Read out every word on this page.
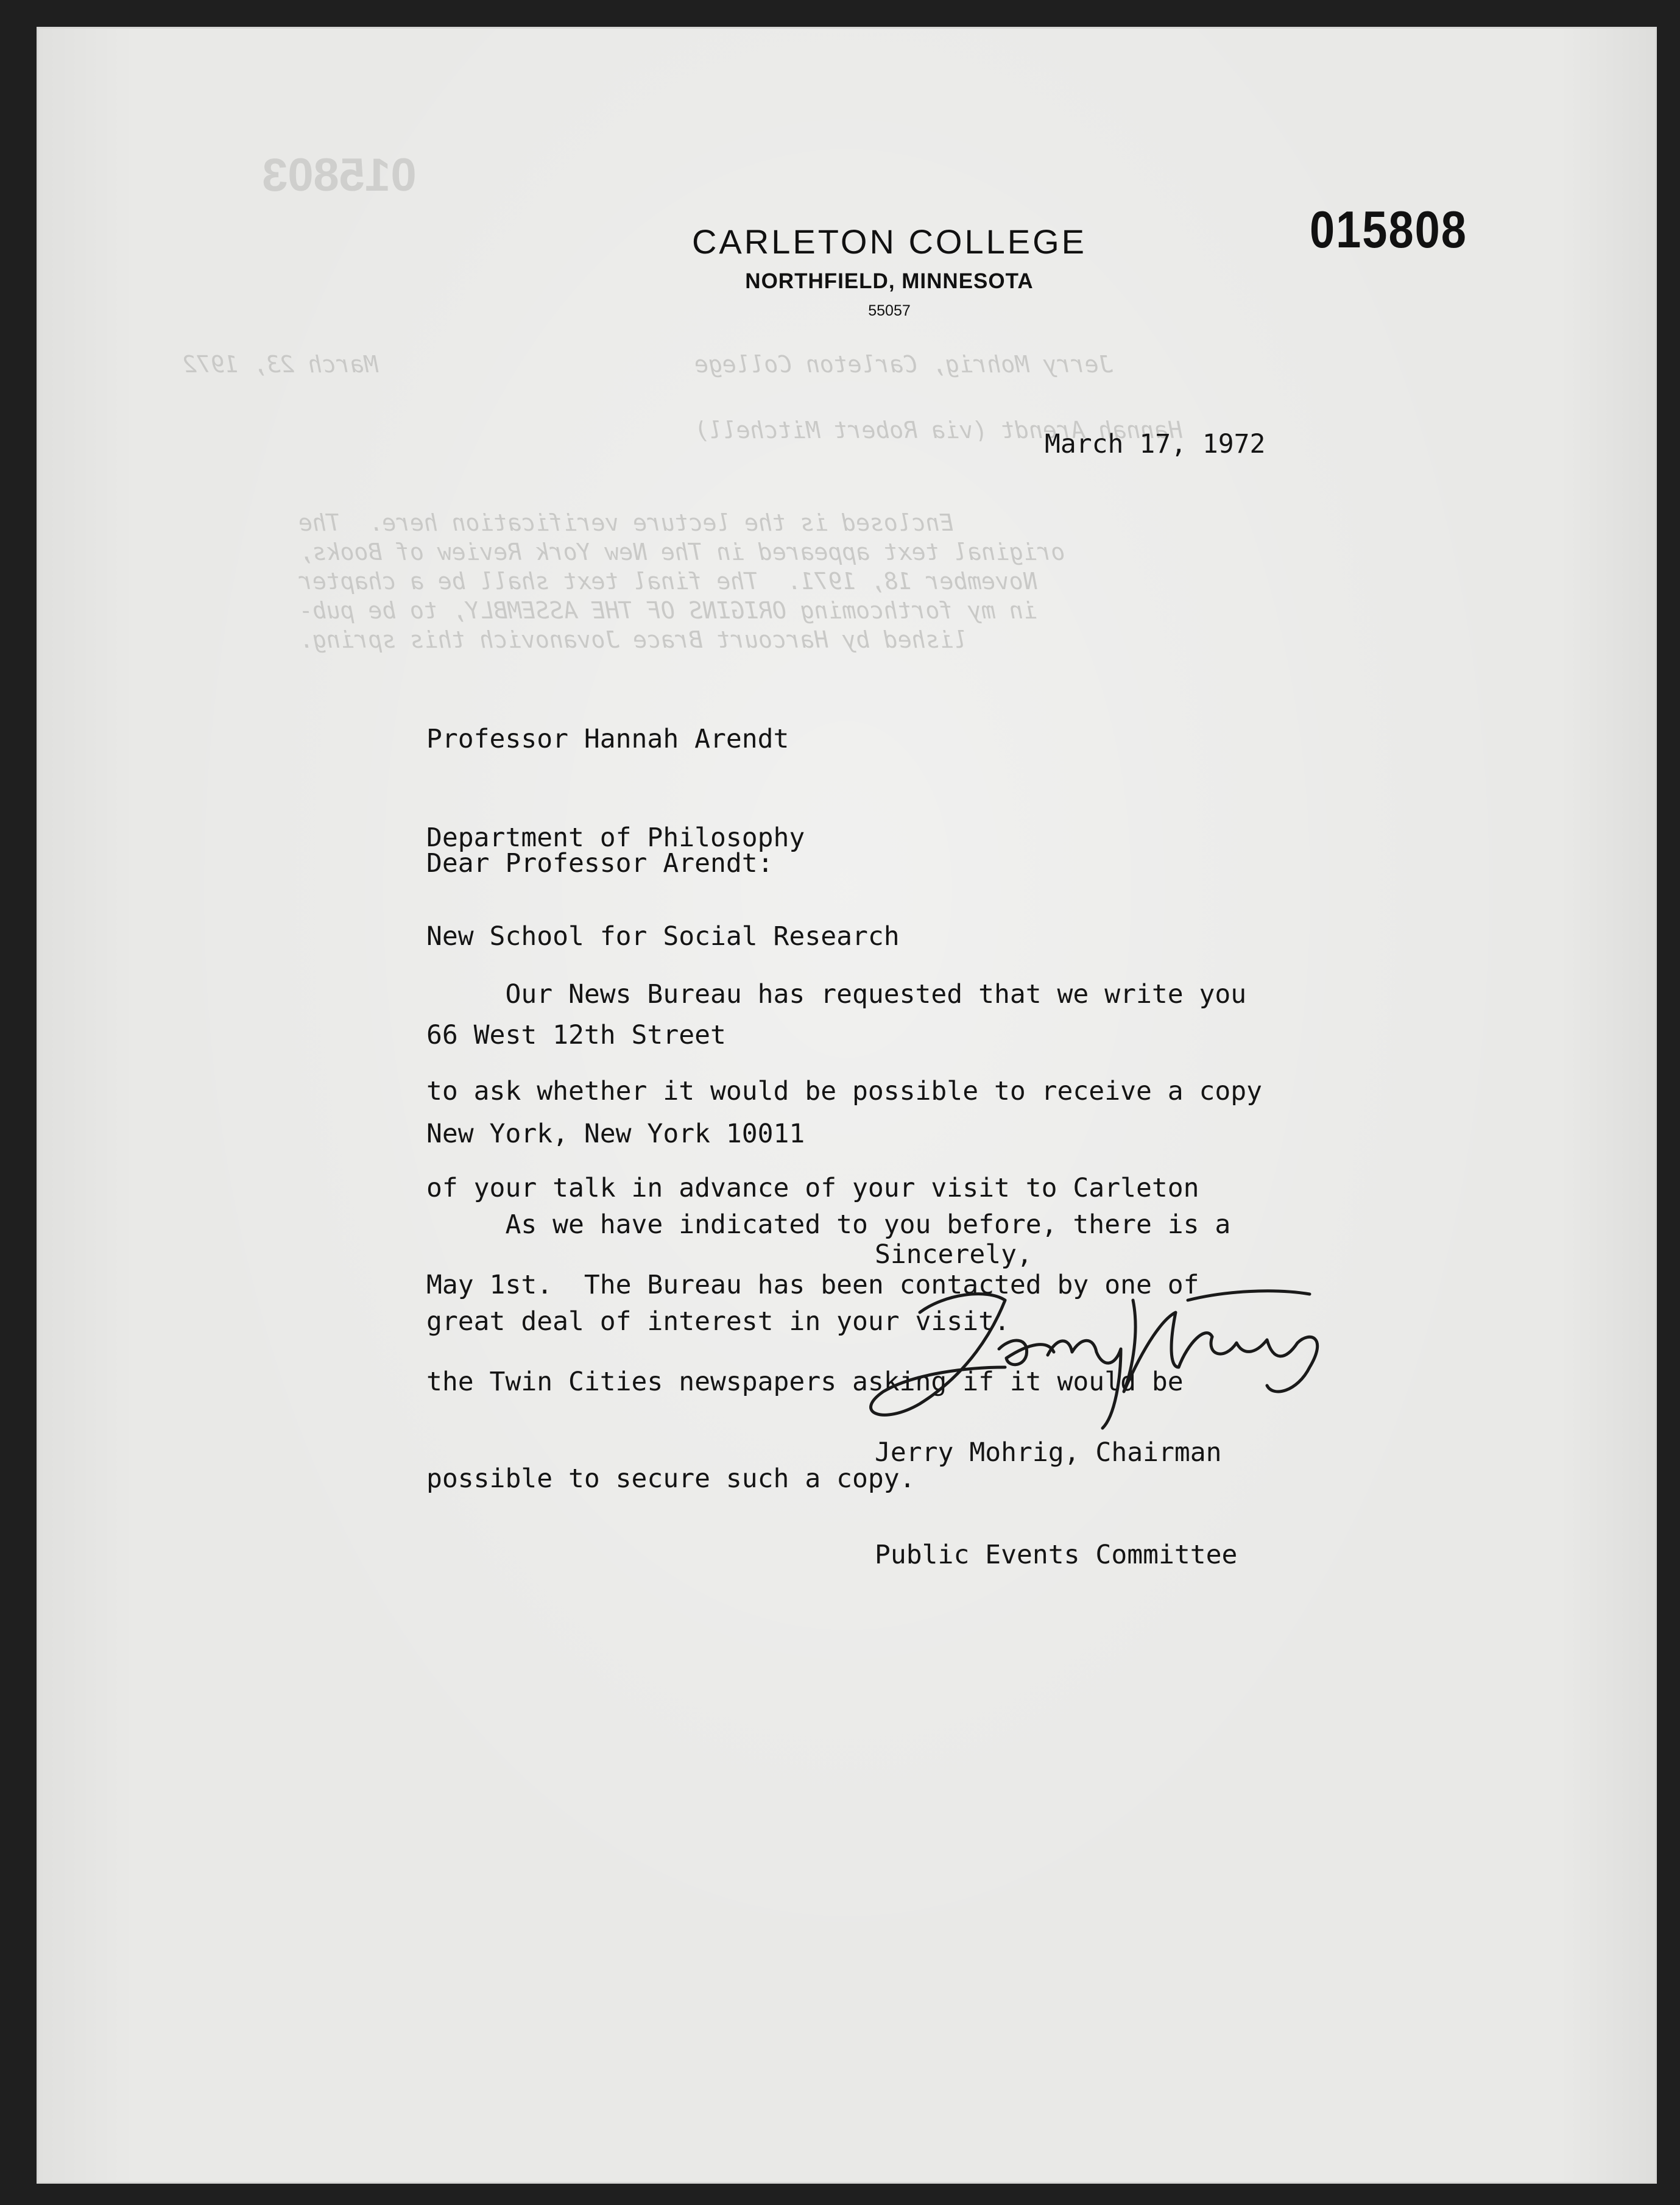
015803
Jerry Mohrig, Carleton College
March 23, 1972
Hannah Arendt (via Robert Mitchell)
Enclosed is the lecture verification here.  The
original text appeared in The New York Review of Books,
November 18, 1971.  The final text shall be a chapter
in my forthcoming ORIGINS OF THE ASSEMBLY, to be pub-
lished by Harcourt Brace Jovanovich this spring.
015808
CARLETON COLLEGE
NORTHFIELD, MINNESOTA
55057
March 17, 1972

Professor Hannah Arendt

Department of Philosophy

New School for Social Research

66 West 12th Street

New York, New York 10011

Dear Professor Arendt:

Our News Bureau has requested that we write you

to ask whether it would be possible to receive a copy

of your talk in advance of your visit to Carleton

May 1st.  The Bureau has been contacted by one of

the Twin Cities newspapers asking if it would be

possible to secure such a copy.

As we have indicated to you before, there is a

great deal of interest in your visit.

Sincerely,

Jerry Mohrig, Chairman

Public Events Committee
